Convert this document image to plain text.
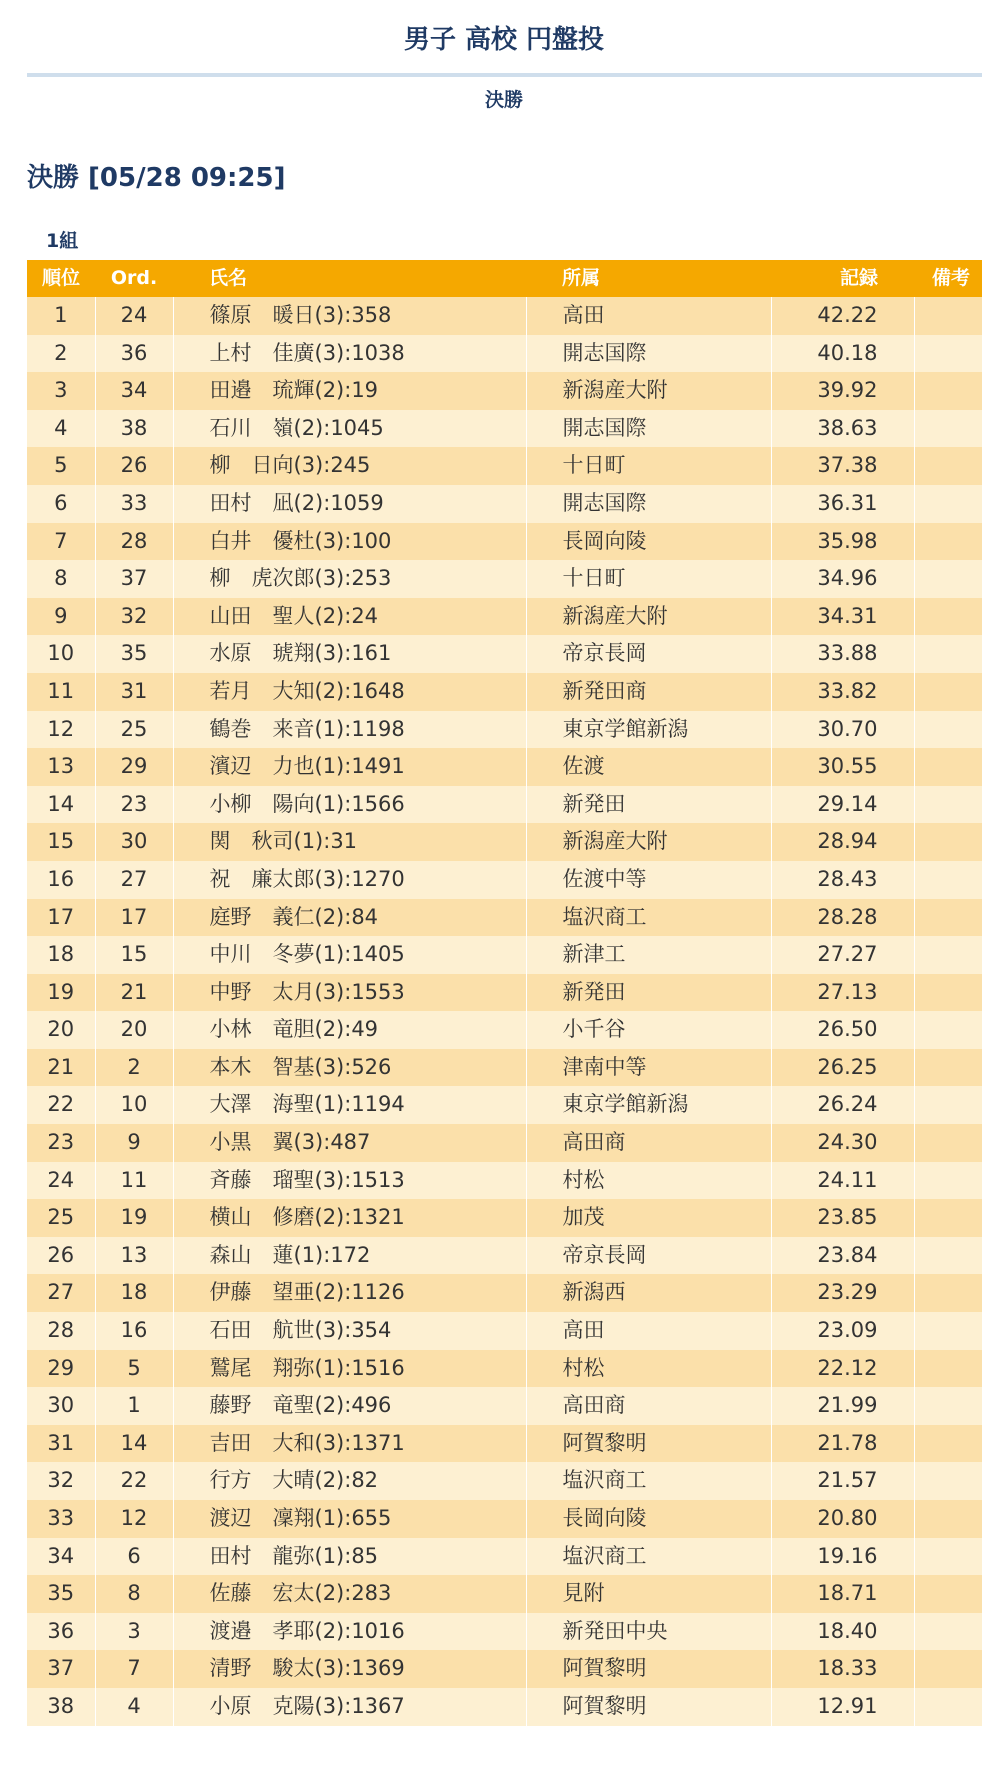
男子 高校 円盤投
決勝
決勝 [05/28 09:25]
1組
順位	Ord.	氏名	所属	記録	備考
1	24	篠原　暖日(3):358	高田	42.22	
2	36	上村　佳廣(3):1038	開志国際	40.18	
3	34	田邉　琉輝(2):19	新潟産大附	39.92	
4	38	石川　嶺(2):1045	開志国際	38.63	
5	26	柳　日向(3):245	十日町	37.38	
6	33	田村　凪(2):1059	開志国際	36.31	
7	28	白井　優杜(3):100	長岡向陵	35.98	
8	37	柳　虎次郎(3):253	十日町	34.96	
9	32	山田　聖人(2):24	新潟産大附	34.31	
10	35	水原　琥翔(3):161	帝京長岡	33.88	
11	31	若月　大知(2):1648	新発田商	33.82	
12	25	鶴巻　来音(1):1198	東京学館新潟	30.70	
13	29	濱辺　力也(1):1491	佐渡	30.55	
14	23	小柳　陽向(1):1566	新発田	29.14	
15	30	関　秋司(1):31	新潟産大附	28.94	
16	27	祝　廉太郎(3):1270	佐渡中等	28.43	
17	17	庭野　義仁(2):84	塩沢商工	28.28	
18	15	中川　冬夢(1):1405	新津工	27.27	
19	21	中野　太月(3):1553	新発田	27.13	
20	20	小林　竜胆(2):49	小千谷	26.50	
21	2	本木　智基(3):526	津南中等	26.25	
22	10	大澤　海聖(1):1194	東京学館新潟	26.24	
23	9	小黒　翼(3):487	高田商	24.30	
24	11	斉藤　瑠聖(3):1513	村松	24.11	
25	19	横山　修磨(2):1321	加茂	23.85	
26	13	森山　蓮(1):172	帝京長岡	23.84	
27	18	伊藤　望亜(2):1126	新潟西	23.29	
28	16	石田　航世(3):354	高田	23.09	
29	5	鷲尾　翔弥(1):1516	村松	22.12	
30	1	藤野　竜聖(2):496	高田商	21.99	
31	14	吉田　大和(3):1371	阿賀黎明	21.78	
32	22	行方　大晴(2):82	塩沢商工	21.57	
33	12	渡辺　凜翔(1):655	長岡向陵	20.80	
34	6	田村　龍弥(1):85	塩沢商工	19.16	
35	8	佐藤　宏太(2):283	見附	18.71	
36	3	渡邉　孝耶(2):1016	新発田中央	18.40	
37	7	清野　駿太(3):1369	阿賀黎明	18.33	
38	4	小原　克陽(3):1367	阿賀黎明	12.91	
